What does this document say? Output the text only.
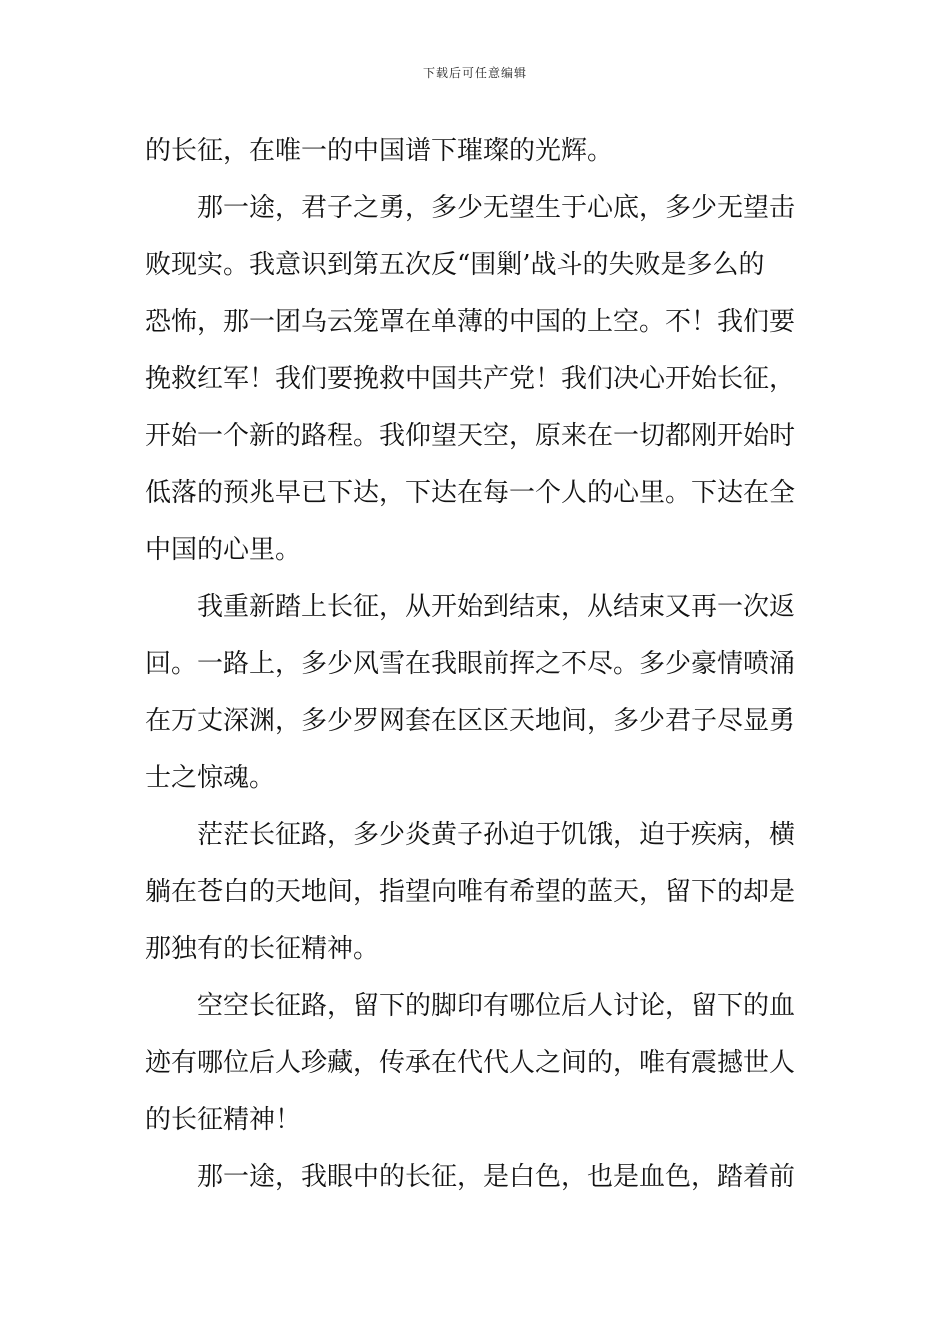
下载后可任意编辑
的长征，在唯一的中国谱下璀璨的光辉。
那一途，君子之勇，多少无望生于心底，多少无望击
败现实。我意识到第五次反“围剿’战斗的失败是多么的
恐怖，那一团乌云笼罩在单薄的中国的上空。不！我们要
挽救红军！我们要挽救中国共产党！我们决心开始长征，
开始一个新的路程。我仰望天空，原来在一切都刚开始时
低落的预兆早已下达，下达在每一个人的心里。下达在全
中国的心里。
我重新踏上长征，从开始到结束，从结束又再一次返
回。一路上，多少风雪在我眼前挥之不尽。多少豪情喷涌
在万丈深渊，多少罗网套在区区天地间，多少君子尽显勇
士之惊魂。
茫茫长征路，多少炎黄子孙迫于饥饿，迫于疾病，横
躺在苍白的天地间，指望向唯有希望的蓝天，留下的却是
那独有的长征精神。
空空长征路，留下的脚印有哪位后人讨论，留下的血
迹有哪位后人珍藏，传承在代代人之间的，唯有震撼世人
的长征精神！
那一途，我眼中的长征，是白色，也是血色，踏着前
